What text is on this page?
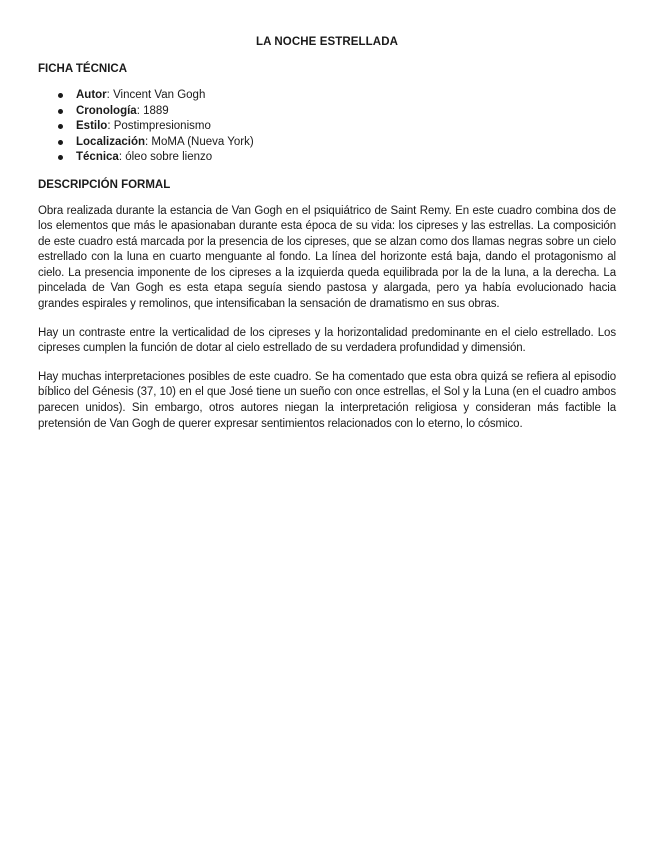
LA NOCHE ESTRELLADA
FICHA TÉCNICA
Autor: Vincent Van Gogh
Cronología: 1889
Estilo: Postimpresionismo
Localización: MoMA (Nueva York)
Técnica: óleo sobre lienzo
DESCRIPCIÓN FORMAL

Obra realizada durante la estancia de Van Gogh en el psiquiátrico de Saint Remy. En este cuadro combina dos de los elementos que más le apasionaban durante esta época de su vida: los cipreses y las estrellas. La composición de este cuadro está marcada por la presencia de los cipreses, que se alzan como dos llamas negras sobre un cielo estrellado con la luna en cuarto menguante al fondo. La línea del horizonte está baja, dando el protagonismo al cielo. La presencia imponente de los cipreses a la izquierda queda equilibrada por la de la luna, a la derecha. La pincelada de Van Gogh es esta etapa seguía siendo pastosa y alargada, pero ya había evolucionado hacia grandes espirales y remolinos, que intensificaban la sensación de dramatismo en sus obras.

Hay un contraste entre la verticalidad de los cipreses y la horizontalidad predominante en el cielo estrellado. Los cipreses cumplen la función de dotar al cielo estrellado de su verdadera profundidad y dimensión.

Hay muchas interpretaciones posibles de este cuadro. Se ha comentado que esta obra quizá se refiera al episodio bíblico del Génesis (37, 10) en el que José tiene un sueño con once estrellas, el Sol y la Luna (en el cuadro ambos parecen unidos). Sin embargo, otros autores niegan la interpretación religiosa y consideran más factible la pretensión de Van Gogh de querer expresar sentimientos relacionados con lo eterno, lo cósmico.
